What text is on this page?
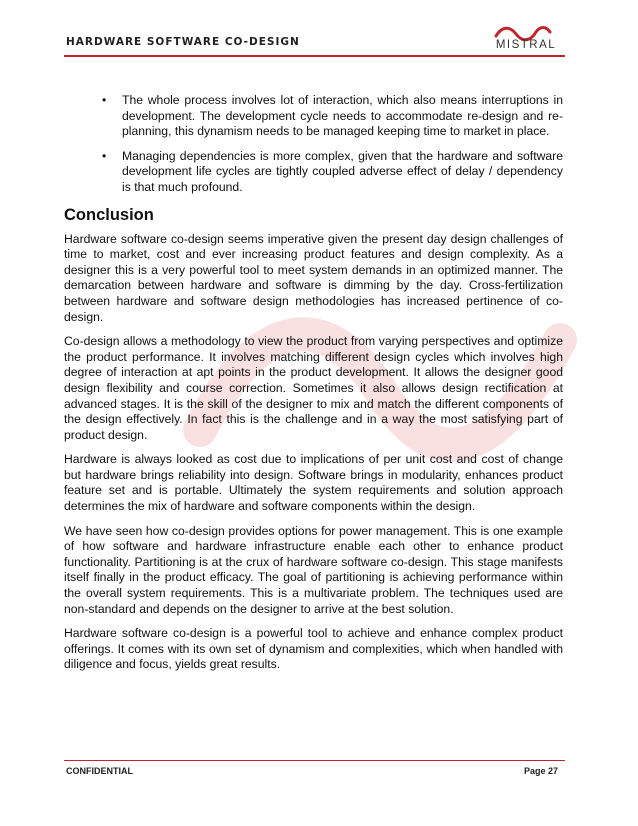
HARDWARE SOFTWARE CO-DESIGN	MISTRAL
• The whole process involves lot of interaction, which also means interruptions in development. The development cycle needs to accommodate re-design and re-planning, this dynamism needs to be managed keeping time to market in place.
• Managing dependencies is more complex, given that the hardware and software development life cycles are tightly coupled adverse effect of delay / dependency is that much profound.
Conclusion

Hardware software co-design seems imperative given the present day design challenges of time to market, cost and ever increasing product features and design complexity. As a designer this is a very powerful tool to meet system demands in an optimized manner. The demarcation between hardware and software is dimming by the day. Cross-fertilization between hardware and software design methodologies has increased pertinence of co-design.

Co-design allows a methodology to view the product from varying perspectives and optimize the product performance. It involves matching different design cycles which involves high degree of interaction at apt points in the product development. It allows the designer good design flexibility and course correction. Sometimes it also allows design rectification at advanced stages. It is the skill of the designer to mix and match the different components of the design effectively. In fact this is the challenge and in a way the most satisfying part of product design.

Hardware is always looked as cost due to implications of per unit cost and cost of change but hardware brings reliability into design. Software brings in modularity, enhances product feature set and is portable. Ultimately the system requirements and solution approach determines the mix of hardware and software components within the design.

We have seen how co-design provides options for power management. This is one example of how software and hardware infrastructure enable each other to enhance product functionality. Partitioning is at the crux of hardware software co-design. This stage manifests itself finally in the product efficacy. The goal of partitioning is achieving performance within the overall system requirements. This is a multivariate problem. The techniques used are non-standard and depends on the designer to arrive at the best solution.

Hardware software co-design is a powerful tool to achieve and enhance complex product offerings. It comes with its own set of dynamism and complexities, which when handled with diligence and focus, yields great results.

CONFIDENTIAL	Page 27
